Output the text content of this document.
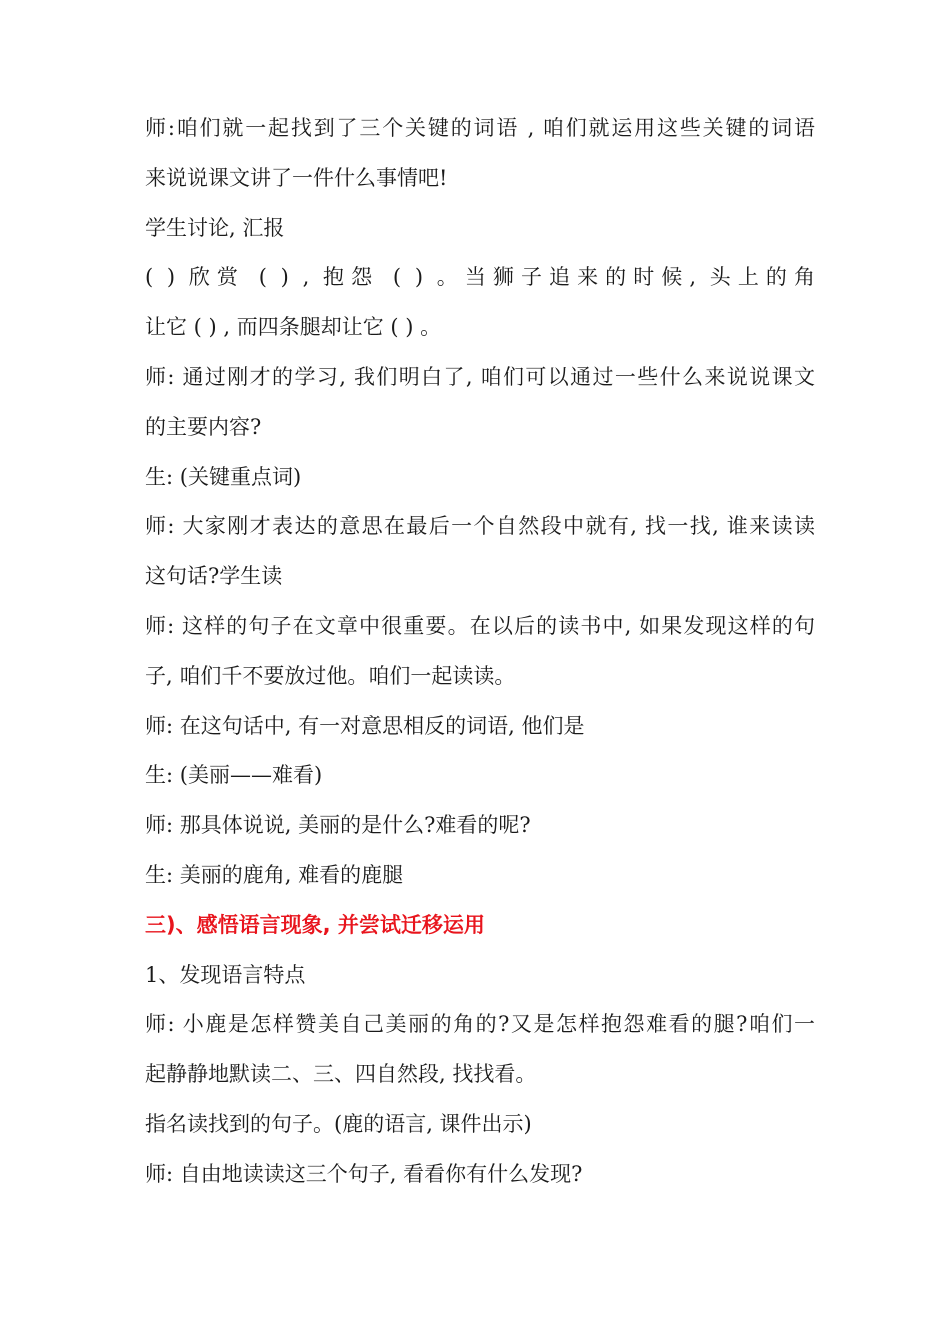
师:咱们就一起找到了三个关键的词语 , 咱们就运用这些关键的词语
来说说课文讲了一件什么事情吧!
学生讨论, 汇报
( ) 欣赏 ( ) , 抱怨 ( ) 。当狮子追来的时候, 头上的角
让它 ( ) , 而四条腿却让它 ( ) 。
师: 通过刚才的学习, 我们明白了, 咱们可以通过一些什么来说说课文
的主要内容?
生: (关键重点词)
师: 大家刚才表达的意思在最后一个自然段中就有, 找一找, 谁来读读
这句话?学生读
师: 这样的句子在文章中很重要。在以后的读书中, 如果发现这样的句
子, 咱们千不要放过他。咱们一起读读。
师: 在这句话中, 有一对意思相反的词语, 他们是
生: (美丽——难看)
师: 那具体说说, 美丽的是什么?难看的呢?
生: 美丽的鹿角, 难看的鹿腿
三)、感悟语言现象, 并尝试迁移运用
1、发现语言特点
师: 小鹿是怎样赞美自己美丽的角的?又是怎样抱怨难看的腿?咱们一
起静静地默读二、三、四自然段, 找找看。
指名读找到的句子。(鹿的语言, 课件出示)
师: 自由地读读这三个句子, 看看你有什么发现?
